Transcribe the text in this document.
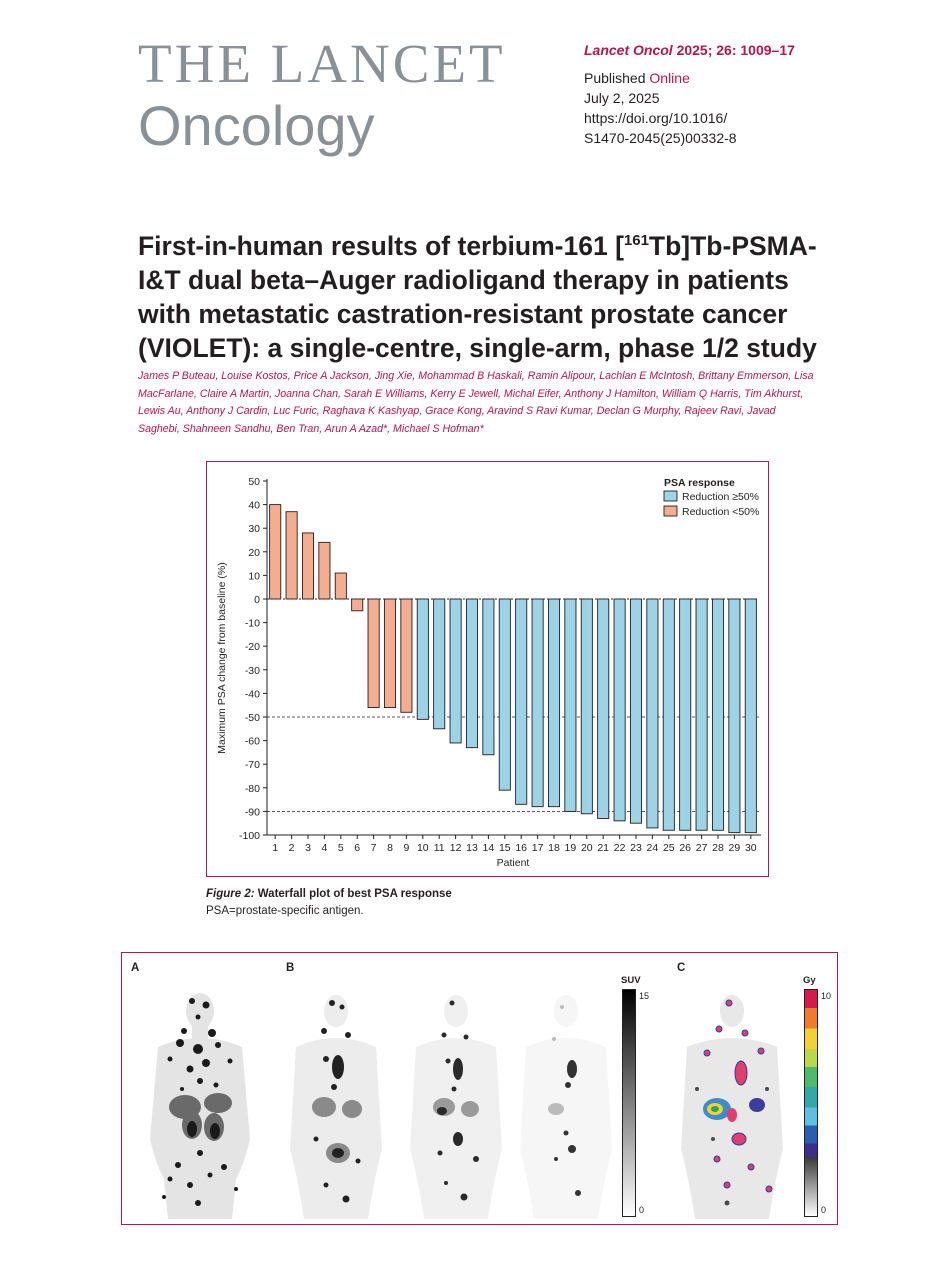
THE LANCET
Oncology
Lancet Oncol 2025; 26: 1009–17
Published Online
July 2, 2025
https://doi.org/10.1016/
S1470-2045(25)00332-8
First-in-human results of terbium-161 [$^{161}$Tb]Tb-PSMA-I&T dual beta–Auger radioligand therapy in patients with metastatic castration-resistant prostate cancer (VIOLET): a single-centre, single-arm, phase 1/2 study
James P Buteau, Louise Kostos, Price A Jackson, Jing Xie, Mohammad B Haskali, Ramin Alipour, Lachlan E McIntosh, Brittany Emmerson, Lisa MacFarlane, Claire A Martin, Joanna Chan, Sarah E Williams, Kerry E Jewell, Michal Eifer, Anthony J Hamilton, William Q Harris, Tim Akhurst, Lewis Au, Anthony J Cardin, Luc Furic, Raghava K Kashyap, Grace Kong, Aravind S Ravi Kumar, Declan G Murphy, Rajeev Ravi, Javad Saghebi, Shahneen Sandhu, Ben Tran, Arun A Azad*, Michael S Hofman*
50
40
30
20
10
0
-10
-20
-30
-40
-50
-60
-70
-80
-90
-100
1 2 3 4 5 6 7 8 9 10 11 12 13 14 15 16 17 18 19 20 21 22 23 24 25 26 27 28 29 30
Patient
Maximum PSA change from baseline (%)
PSA response
Reduction ≥50%
Reduction <50%
Figure 2: Waterfall plot of best PSA response
PSA=prostate-specific antigen.
A	B	C
SUV
15
0
Gy
10
0
